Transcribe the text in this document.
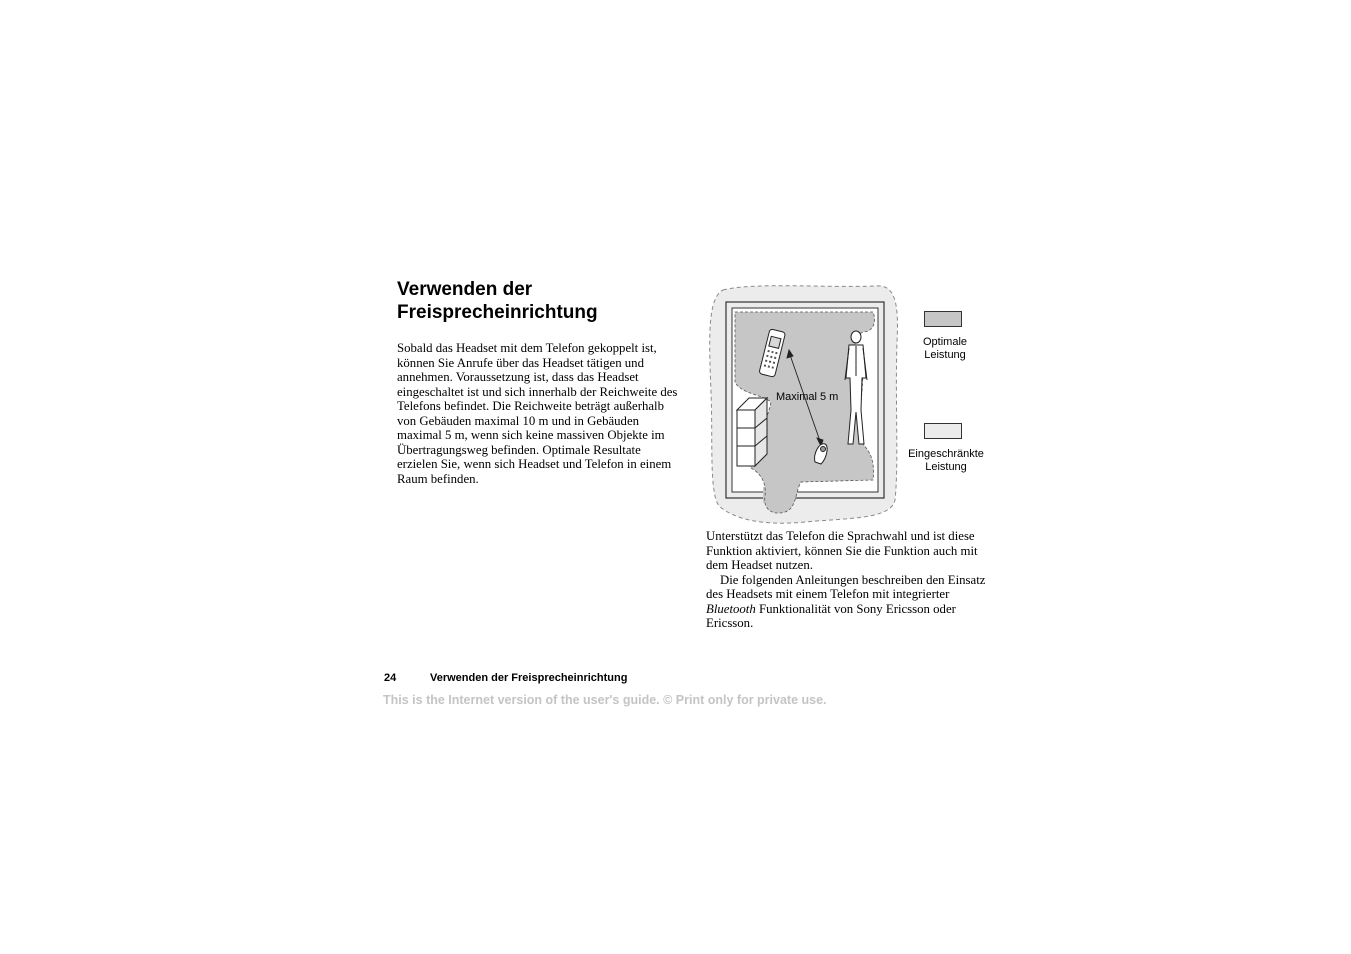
Verwenden der
Freisprecheinrichtung

Sobald das Headset mit dem Telefon gekoppelt ist, können Sie Anrufe über das Headset tätigen und annehmen. Voraussetzung ist, dass das Headset eingeschaltet ist und sich innerhalb der Reichweite des Telefons befindet. Die Reichweite beträgt außerhalb von Gebäuden maximal 10 m und in Gebäuden maximal 5 m, wenn sich keine massiven Objekte im Übertragungsweg befinden. Optimale Resultate erzielen Sie, wenn sich Headset und Telefon in einem Raum befinden.

Maximal 5 m
Optimale
Leistung
Eingeschränkte
Leistung

Unterstützt das Telefon die Sprachwahl und ist diese Funktion aktiviert, können Sie die Funktion auch mit dem Headset nutzen.

Die folgenden Anleitungen beschreiben den Einsatz des Headsets mit einem Telefon mit integrierter Bluetooth Funktionalität von Sony Ericsson oder Ericsson.

24	Verwenden der Freisprecheinrichtung
This is the Internet version of the user's guide. © Print only for private use.
